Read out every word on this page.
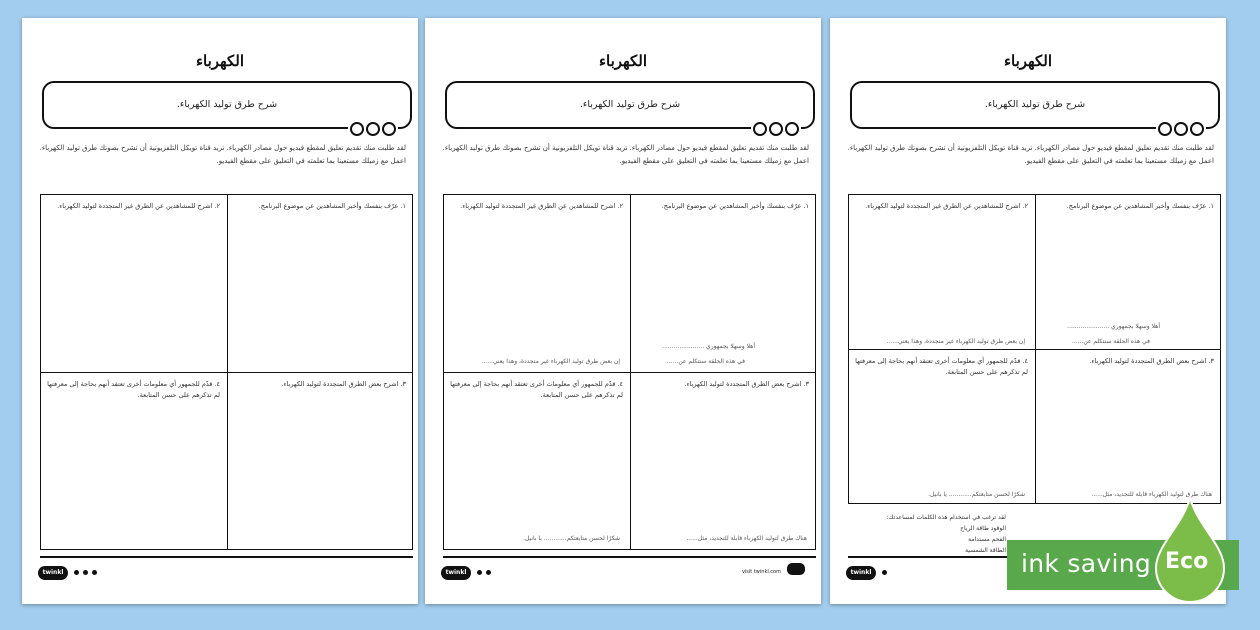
الكهرباء
شرح طرق توليد الكهرباء.
لقد طلبت منك تقديم تعليق لمقطع فيديو حول مصادر الكهرباء. تريد قناة تويكل التلفزيونية أن تشرح بصوتك طرق توليد الكهرباء.
اعمل مع زميلك مستعينا بما تعلمته في التعليق على مقطع الفيديو.
١. عرّف بنفسك وأخبر المشاهدين عن موضوع البرنامج.
٢. اشرح للمشاهدين عن الطرق غير المتجددة لتوليد الكهرباء.
٣. اشرح بعض الطرق المتجددة لتوليد الكهرباء.
٤. قدّم للجمهور أي معلومات أخرى تعتقد أنهم بحاجة إلى معرفتها لم تذكرهم على حسن المتابعة.
twinkl
الكهرباء
شرح طرق توليد الكهرباء.
لقد طلبت منك تقديم تعليق لمقطع فيديو حول مصادر الكهرباء. تريد قناة تويكل التلفزيونية أن تشرح بصوتك طرق توليد الكهرباء.
اعمل مع زميلك مستعينا بما تعلمته في التعليق على مقطع الفيديو.
١. عرّف بنفسك وأخبر المشاهدين عن موضوع البرنامج.
٢. اشرح للمشاهدين عن الطرق غير المتجددة لتوليد الكهرباء.
٣. اشرح بعض الطرق المتجددة لتوليد الكهرباء.
٤. قدّم للجمهور أي معلومات أخرى تعتقد أنهم بحاجة إلى معرفتها لم تذكرهم على حسن المتابعة.
أهلا وسهلا بجمهوري ......................
في هذه الحلقة سنتكلم عن......
إن بعض طرق توليد الكهرباء غير متجددة، وهذا يعني......
هناك طرق لتوليد الكهرباء قابلة للتجديد، مثل......
شكرًا لحسن متابعتكم............ يا بانيل.
twinkl	visit twinkl.com
الكهرباء
شرح طرق توليد الكهرباء.
لقد طلبت منك تقديم تعليق لمقطع فيديو حول مصادر الكهرباء. تريد قناة تويكل التلفزيونية أن تشرح بصوتك طرق توليد الكهرباء.
اعمل مع زميلك مستعينا بما تعلمته في التعليق على مقطع الفيديو.
١. عرّف بنفسك وأخبر المشاهدين عن موضوع البرنامج.
٢. اشرح للمشاهدين عن الطرق غير المتجددة لتوليد الكهرباء.
٣. اشرح بعض الطرق المتجددة لتوليد الكهرباء.
٤. قدّم للجمهور أي معلومات أخرى تعتقد أنهم بحاجة إلى معرفتها لم تذكرهم على حسن المتابعة.
أهلا وسهلا بجمهوري ......................
في هذه الحلقة سنتكلم عن......
إن بعض طرق توليد الكهرباء غير متجددة، وهذا يعني......
هناك طرق لتوليد الكهرباء قابلة للتجديد، مثل......
شكرًا لحسن متابعتكم............ يا بانيل.
لقد ترغب في استخدام هذه الكلمات لمساعدتك:
الوقود طاقة الرياح
الفحم مستدامة
الطاقة الشمسية
twinkl	ink saving Eco
